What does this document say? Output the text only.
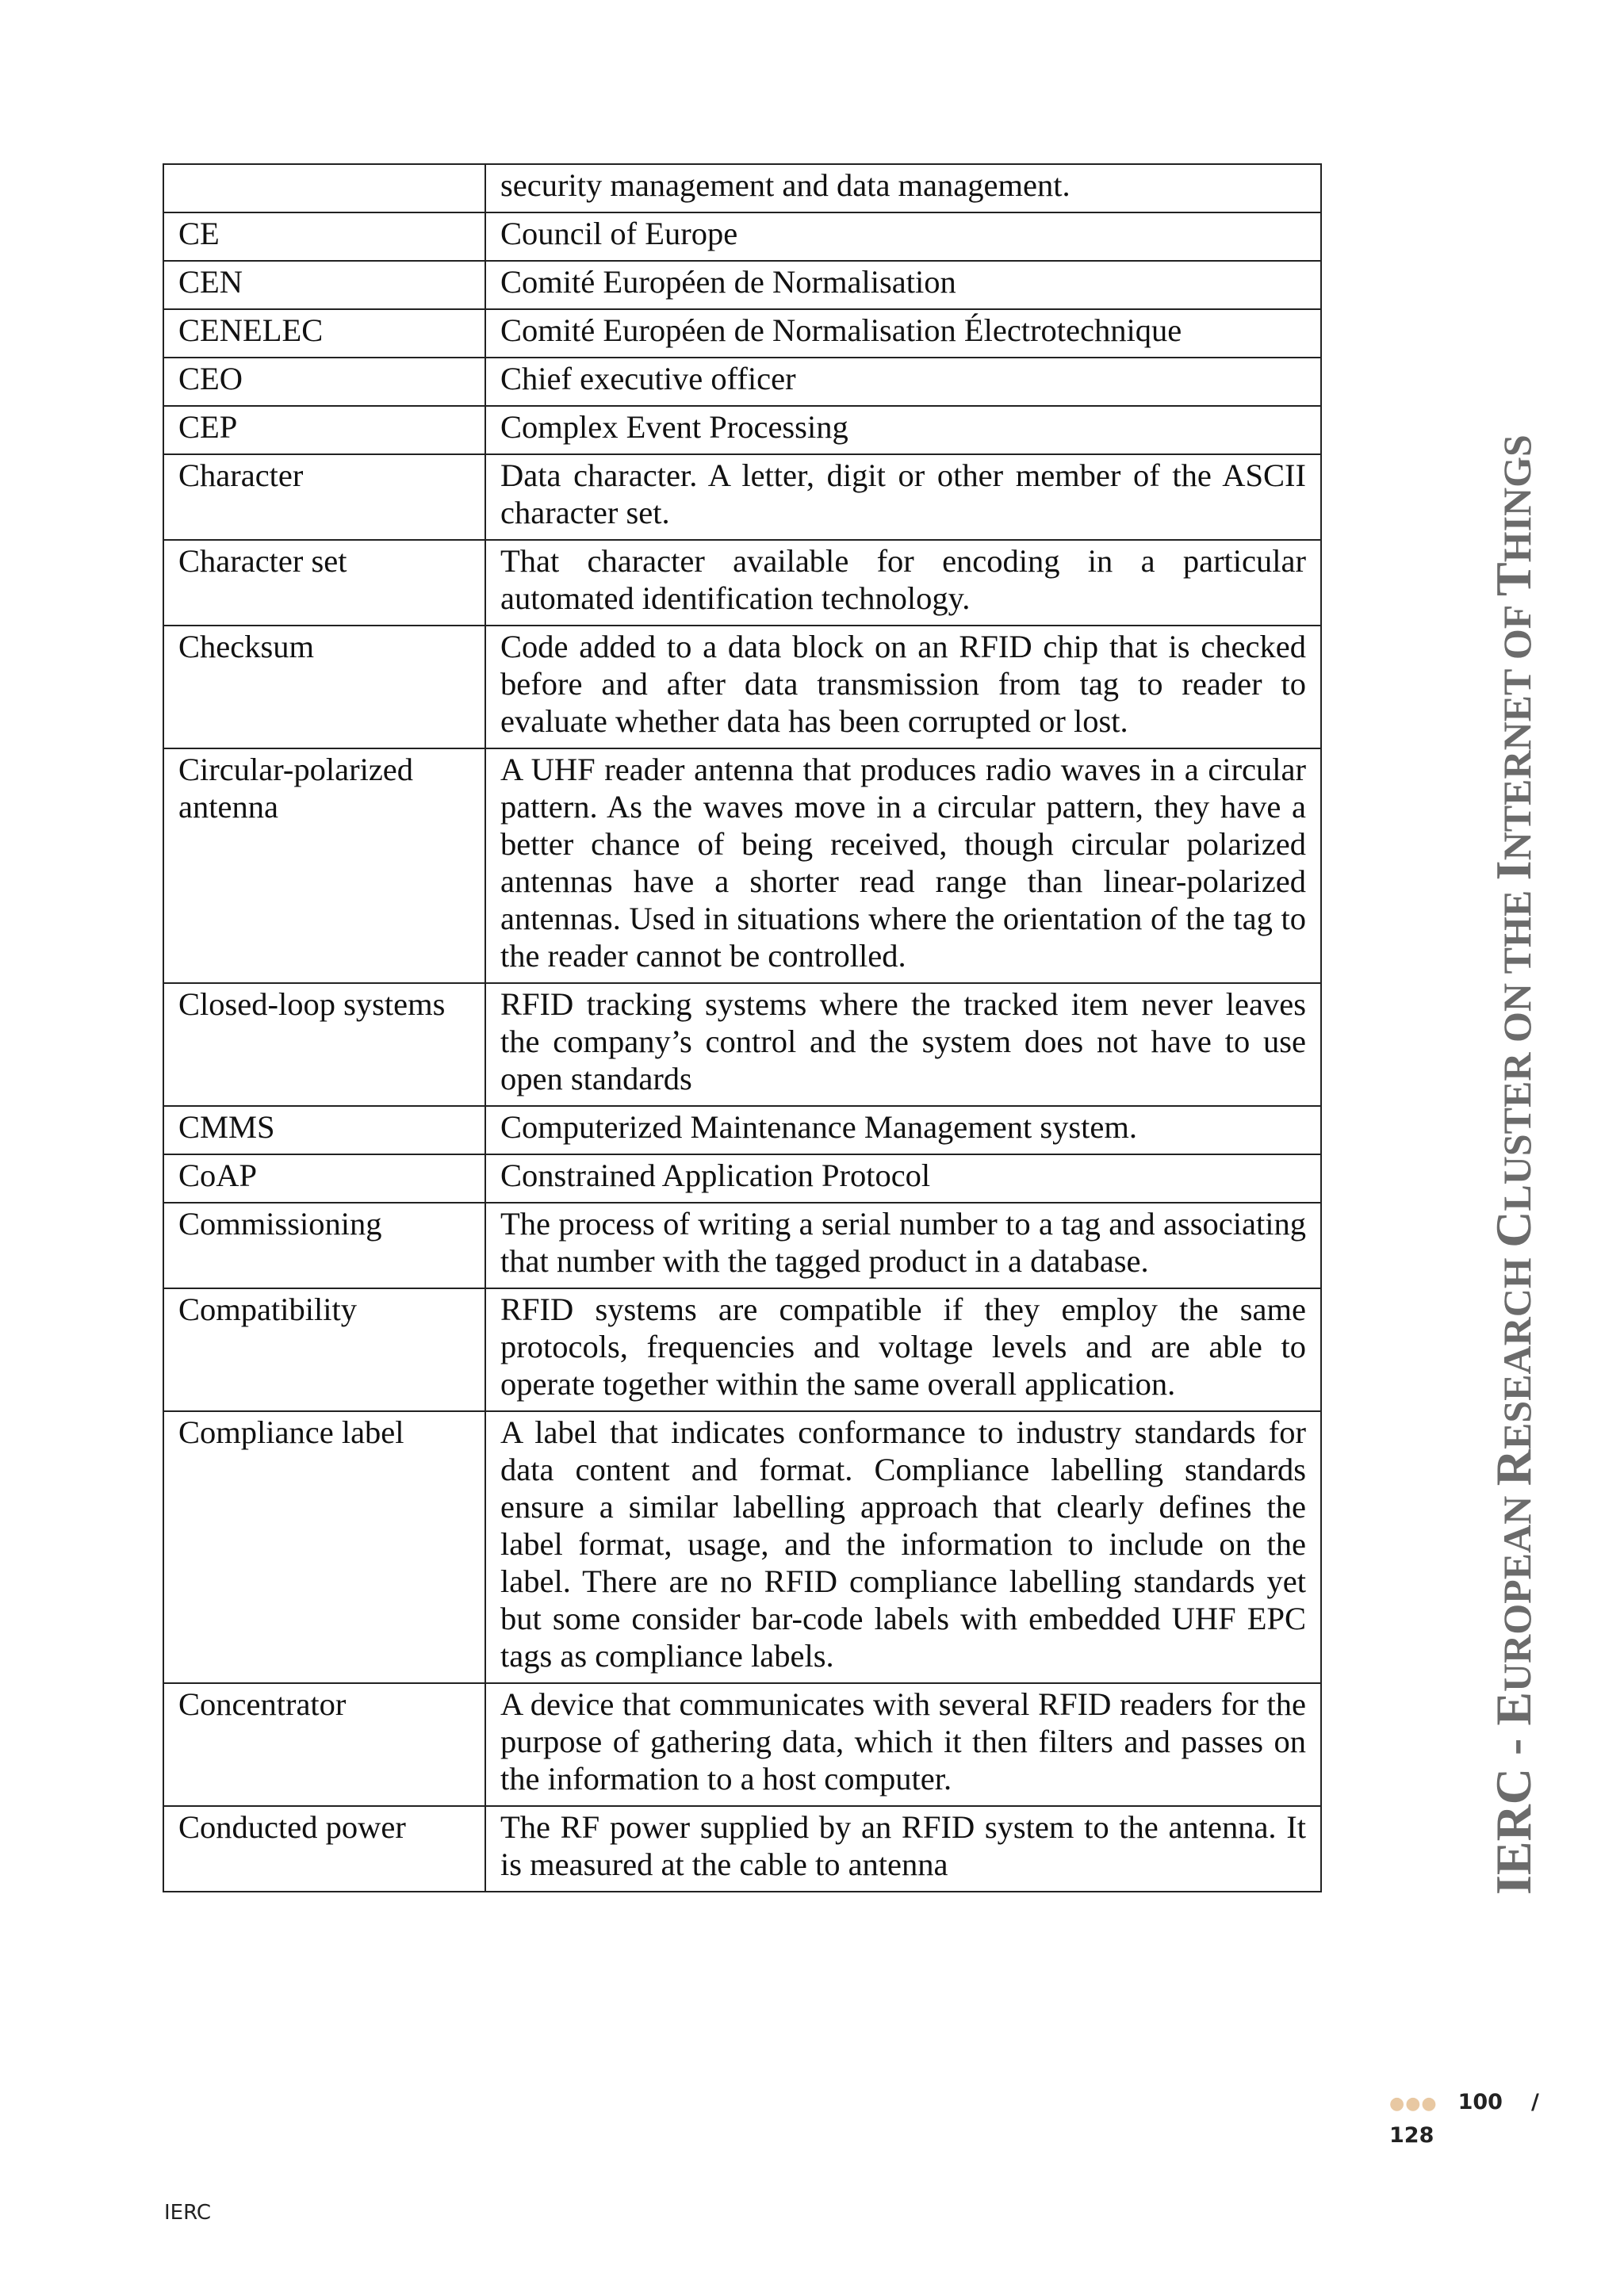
	security management and data management.

CE	Council of Europe

CEN	Comité Européen de Normalisation

CENELEC	Comité Européen de Normalisation Électrotechnique

CEO	Chief executive officer

CEP	Complex Event Processing

Character	Data character. A letter, digit or other member of the ASCII character set.

Character set	That character available for encoding in a particular automated identification technology.

Checksum	Code added to a data block on an RFID chip that is checked before and after data transmission from tag to reader to evaluate whether data has been corrupted or lost.

Circular-polarized antenna	A UHF reader antenna that produces radio waves in a circular pattern. As the waves move in a circular pattern, they have a better chance of being received, though circular polarized antennas have a shorter read range than linear-polarized antennas. Used in situations where the orientation of the tag to the reader cannot be controlled.

Closed-loop systems	RFID tracking systems where the tracked item never leaves the company’s control and the system does not have to use open standards

CMMS	Computerized Maintenance Management system.

CoAP	Constrained Application Protocol

Commissioning	The process of writing a serial number to a tag and associating that number with the tagged product in a database.

Compatibility	RFID systems are compatible if they employ the same protocols, frequencies and voltage levels and are able to operate together within the same overall application.

Compliance label	A label that indicates conformance to industry standards for data content and format. Compliance labelling standards ensure a similar labelling approach that clearly defines the label format, usage, and the information to include on the label. There are no RFID compliance labelling standards yet but some consider bar-code labels with embedded UHF EPC tags as compliance labels.

Concentrator	A device that communicates with several RFID readers for the purpose of gathering data, which it then filters and passes on the information to a host computer.

Conducted power	The RF power supplied by an RFID system to the antenna. It is measured at the cable to antenna	IERC - EUROPEAN RESEARCH CLUSTER ON THE INTERNET OF THINGS
●●● 100 /
128
IERC
